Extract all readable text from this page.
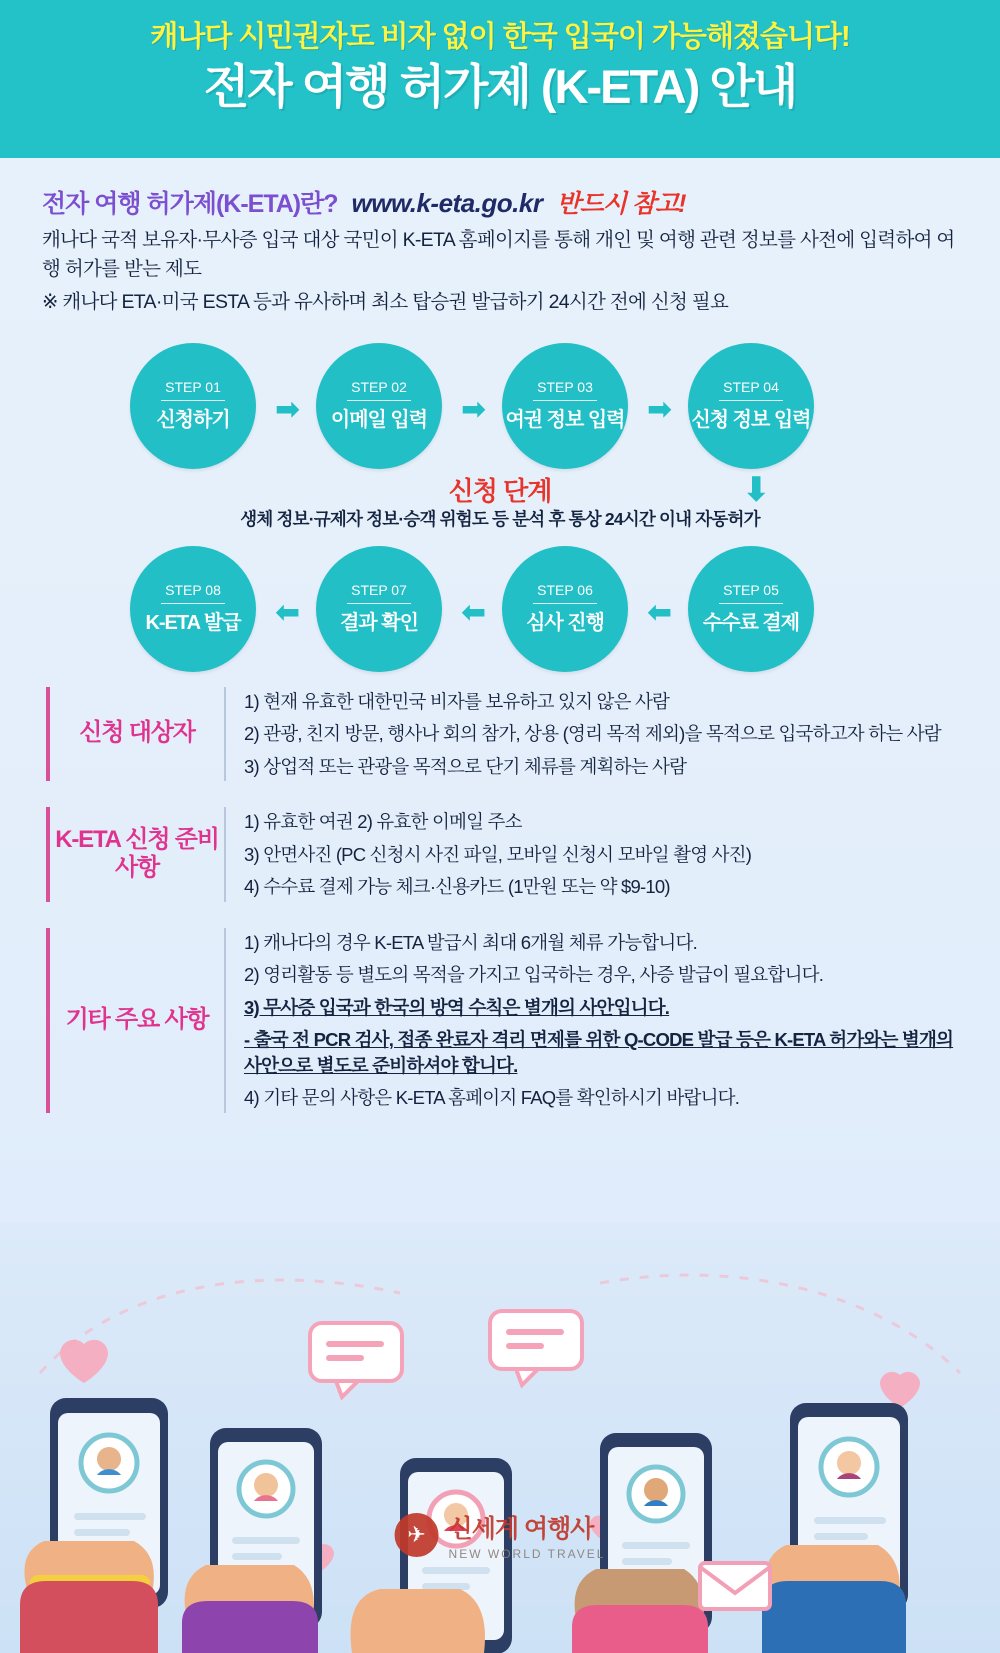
캐나다 시민권자도 비자 없이 한국 입국이 가능해졌습니다!
전자 여행 허가제 (K-ETA) 안내
전자 여행 허가제(K-ETA)란? www.k-eta.go.kr 반드시 참고!
캐나다 국적 보유자·무사증 입국 대상 국민이 K-ETA 홈페이지를 통해 개인 및 여행 관련 정보를 사전에 입력하여 여행 허가를 받는 제도
※ 캐나다 ETA·미국 ESTA 등과 유사하며 최소 탑승권 발급하기 24시간 전에 신청 필요
STEP 01
신청하기 ➡
STEP 02
이메일 입력 ➡
STEP 03
여권 정보 입력 ➡
STEP 04
신청 정보 입력
신청 단계
생체 정보·규제자 정보·승객 위험도 등 분석 후 통상 24시간 이내 자동허가
⬇
STEP 05
수수료 결제
⬅
STEP 06
심사 진행
⬅
STEP 07
결과 확인
⬅
STEP 08
K-ETA 발급
신청 대상자

1) 현재 유효한 대한민국 비자를 보유하고 있지 않은 사람

2) 관광, 친지 방문, 행사나 회의 참가, 상용 (영리 목적 제외)을 목적으로 입국하고자 하는 사람

3) 상업적 또는 관광을 목적으로 단기 체류를 계획하는 사람

K-ETA 신청 준비사항

1) 유효한 여권 2) 유효한 이메일 주소

3) 안면사진 (PC 신청시 사진 파일, 모바일 신청시 모바일 촬영 사진)

4) 수수료 결제 가능 체크·신용카드 (1만원 또는 약 $9-10)

기타 주요 사항

1) 캐나다의 경우 K-ETA 발급시 최대 6개월 체류 가능합니다.

2) 영리활동 등 별도의 목적을 가지고 입국하는 경우, 사증 발급이 필요합니다.

3) 무사증 입국과 한국의 방역 수칙은 별개의 사안입니다.

- 출국 전 PCR 검사, 접종 완료자 격리 면제를 위한 Q-CODE 발급 등은 K-ETA 허가와는 별개의 사안으로 별도로 준비하셔야 합니다.

4) 기타 문의 사항은 K-ETA 홈페이지 FAQ를 확인하시기 바랍니다.

✈ 신세계 여행사
NEW WORLD TRAVEL
